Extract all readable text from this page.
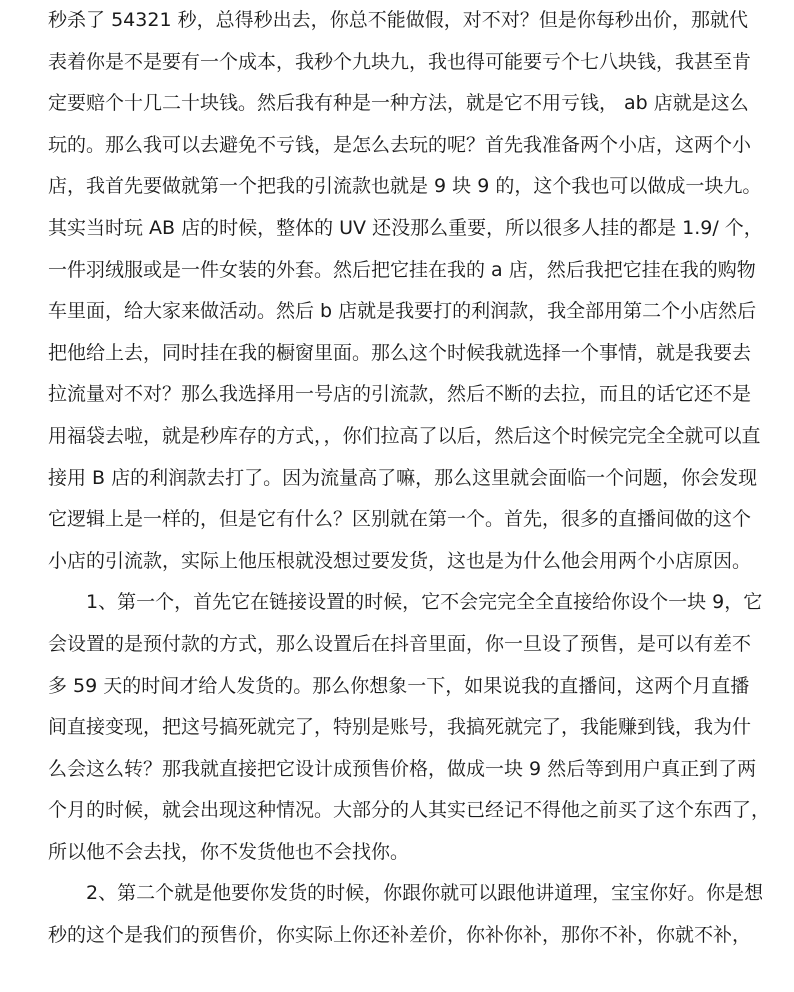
秒杀了 54321 秒，总得秒出去，你总不能做假，对不对？但是你每秒出价，那就代
表着你是不是要有一个成本，我秒个九块九，我也得可能要亏个七八块钱，我甚至肯
定要赔个十几二十块钱。然后我有种是一种方法，就是它不用亏钱， ab 店就是这么
玩的。那么我可以去避免不亏钱，是怎么去玩的呢？首先我准备两个小店，这两个小
店，我首先要做就第一个把我的引流款也就是 9 块 9 的，这个我也可以做成一块九。
其实当时玩 AB 店的时候，整体的 UV 还没那么重要，所以很多人挂的都是 1.9/ 个，
一件羽绒服或是一件女装的外套。然后把它挂在我的 a 店，然后我把它挂在我的购物
车里面，给大家来做活动。然后 b 店就是我要打的利润款，我全部用第二个小店然后
把他给上去，同时挂在我的橱窗里面。那么这个时候我就选择一个事情，就是我要去
拉流量对不对？那么我选择用一号店的引流款，然后不断的去拉，而且的话它还不是
用福袋去啦，就是秒库存的方式，，你们拉高了以后，然后这个时候完完全全就可以直
接用 B 店的利润款去打了。因为流量高了嘛，那么这里就会面临一个问题，你会发现
它逻辑上是一样的，但是它有什么？区别就在第一个。首先，很多的直播间做的这个
小店的引流款，实际上他压根就没想过要发货，这也是为什么他会用两个小店原因。
　　1、第一个，首先它在链接设置的时候，它不会完完全全直接给你设个一块 9，它
会设置的是预付款的方式，那么设置后在抖音里面，你一旦设了预售，是可以有差不
多 59 天的时间才给人发货的。那么你想象一下，如果说我的直播间，这两个月直播
间直接变现，把这号搞死就完了，特别是账号，我搞死就完了，我能赚到钱，我为什
么会这么转？那我就直接把它设计成预售价格，做成一块 9 然后等到用户真正到了两
个月的时候，就会出现这种情况。大部分的人其实已经记不得他之前买了这个东西了，
所以他不会去找，你不发货他也不会找你。
　　2、第二个就是他要你发货的时候，你跟你就可以跟他讲道理，宝宝你好。你是想
秒的这个是我们的预售价，你实际上你还补差价，你补你补，那你不补，你就不补，
